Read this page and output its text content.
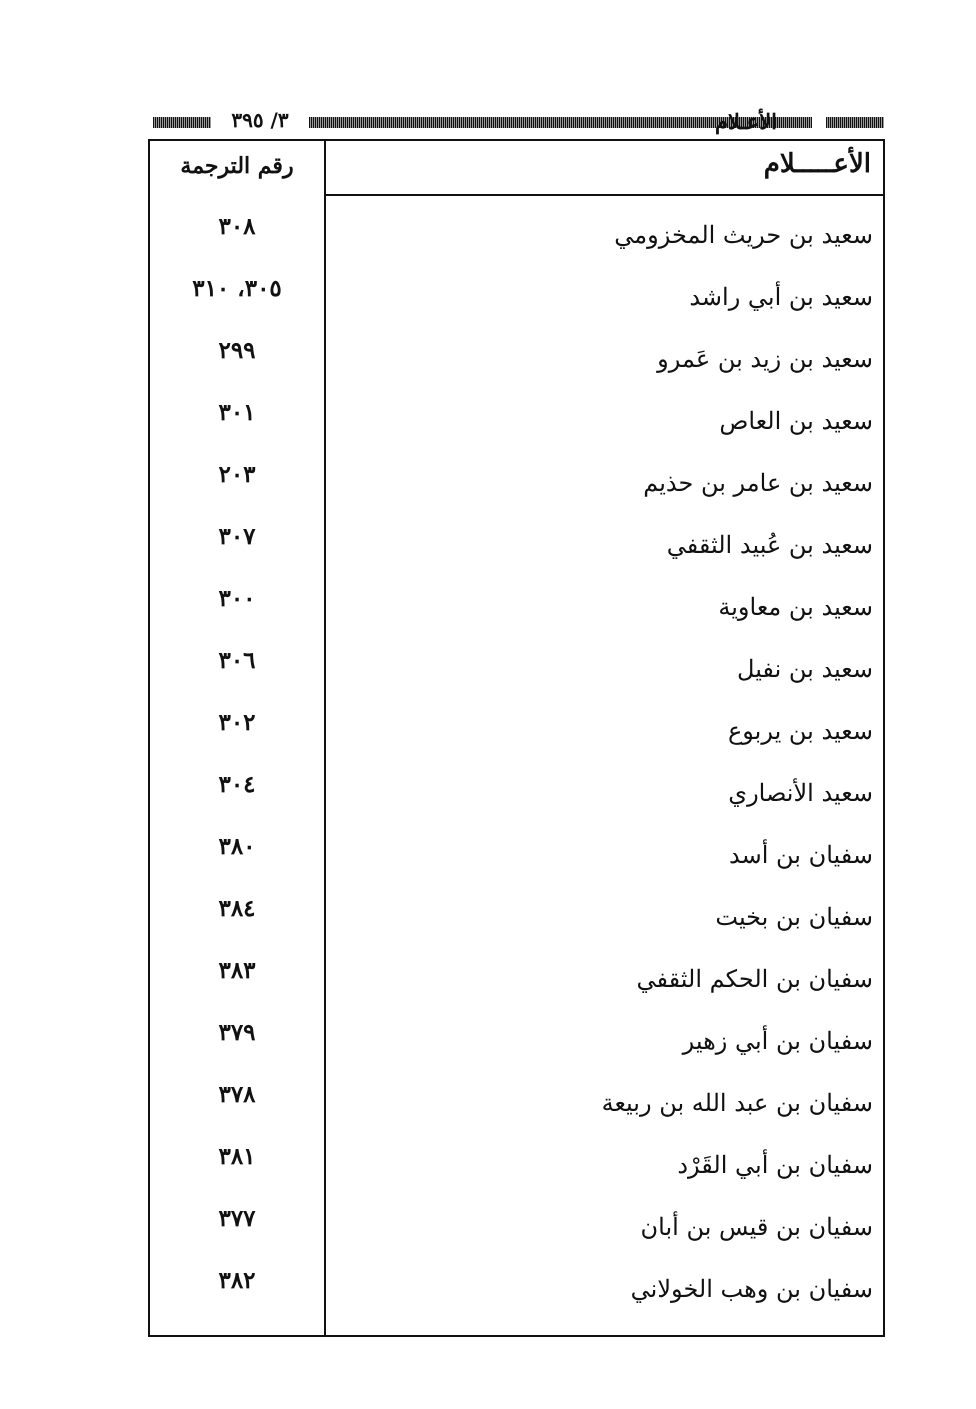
٣/ ٣٩٥	الأعـلام
الأعـــــلام
رقم الترجمة
سعيد بن حريث المخزومي
٣٠٨
سعيد بن أبي راشد
٣٠٥، ٣١٠
سعيد بن زيد بن عَمرو
٢٩٩
سعيد بن العاص
٣٠١
سعيد بن عامر بن حذيم
٢٠٣
سعيد بن عُبيد الثقفي
٣٠٧
سعيد بن معاوية
٣٠٠
سعيد بن نفيل
٣٠٦
سعيد بن يربوع
٣٠٢
سعيد الأنصاري
٣٠٤
سفيان بن أسد
٣٨٠
سفيان بن بخيت
٣٨٤
سفيان بن الحكم الثقفي
٣٨٣
سفيان بن أبي زهير
٣٧٩
سفيان بن عبد الله بن ربيعة
٣٧٨
سفيان بن أبي القَرْد
٣٨١
سفيان بن قيس بن أبان
٣٧٧
سفيان بن وهب الخولاني
٣٨٢
